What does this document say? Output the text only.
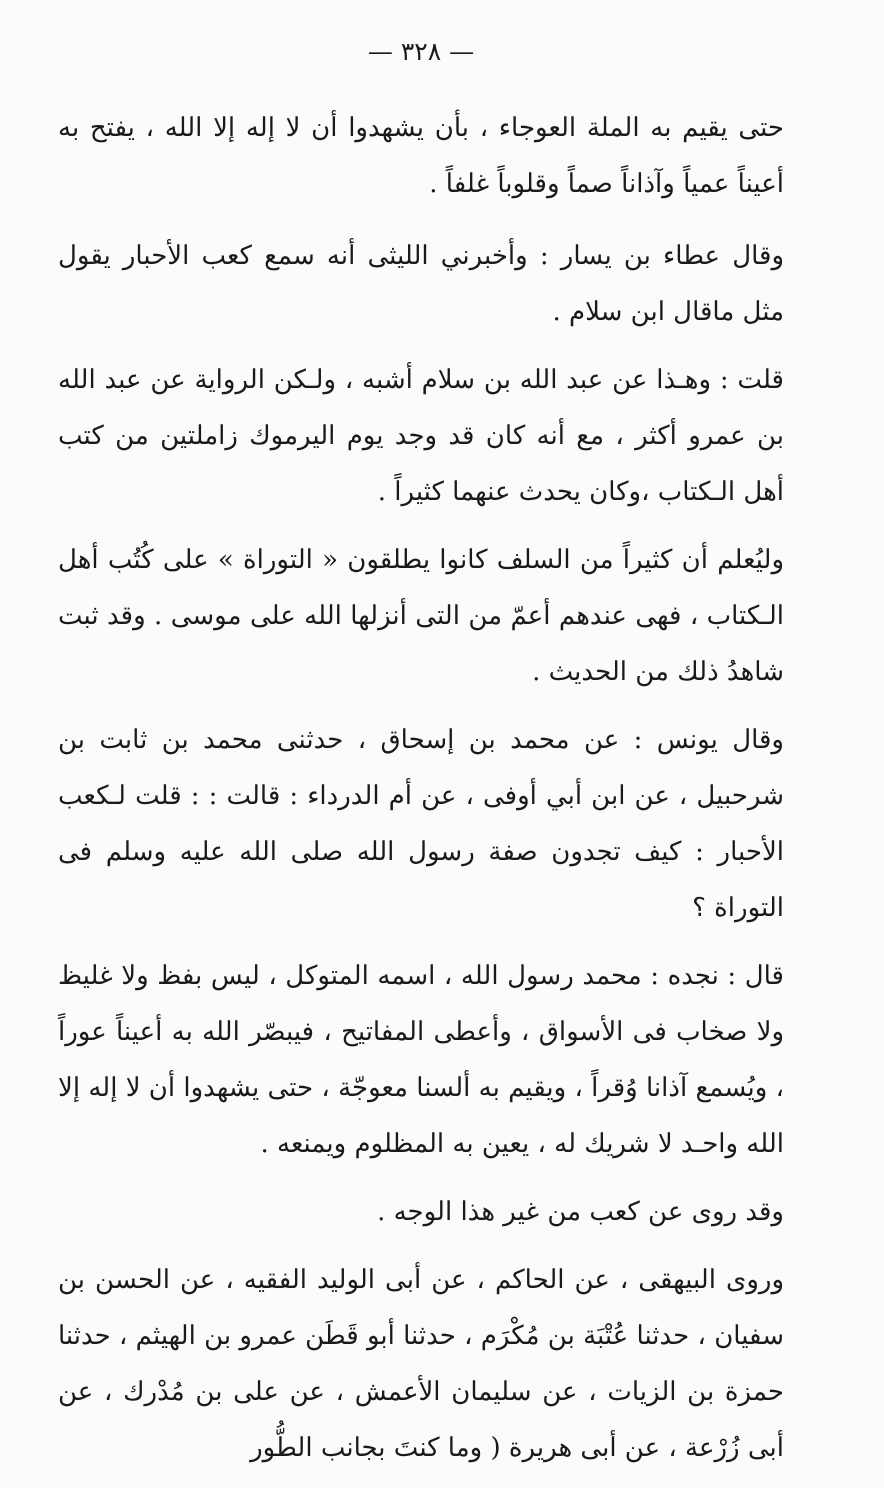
— ٣٢٨ —

حتى يقيم به الملة العوجاء ، بأن يشهدوا أن لا إله إلا الله ، يفتح به أعيناً عمياً وآذاناً صماً وقلوباً غلفاً .

وقال عطاء بن يسار : وأخبرني الليثى أنه سمع كعب الأحبار يقول مثل ماقال ابن سلام .

قلت : وهـذا عن عبد الله بن سلام أشبه ، ولـكن الرواية عن عبد الله بن عمرو أكثر ، مع أنه كان قد وجد يوم اليرموك زاملتين من كتب أهل الـكتاب ،وكان يحدث عنهما كثيراً .

وليُعلم أن كثيراً من السلف كانوا يطلقون « التوراة » على كُتُب أهل الـكتاب ، فهى عندهم أعمّ من التى أنزلها الله على موسى . وقد ثبت شاهدُ ذلك من الحديث .

وقال يونس : عن محمد بن إسحاق ، حدثنى محمد بن ثابت بن شرحبيل ، عن ابن أبي أوفى ، عن أم الدرداء : قالت : : قلت لـكعب الأحبار : كيف تجدون صفة رسول الله صلى الله عليه وسلم فى التوراة ؟

قال : نجده : محمد رسول الله ، اسمه المتوكل ، ليس بفظ ولا غليظ ولا صخاب فى الأسواق ، وأعطى المفاتيح ، فيبصّر الله به أعيناً عوراً ، ويُسمع آذانا وُقراً ، ويقيم به ألسنا معوجّة ، حتى يشهدوا أن لا إله إلا الله واحـد لا شريك له ، يعين به المظلوم ويمنعه .

وقد روى عن كعب من غير هذا الوجه .

وروى البيهقى ، عن الحاكم ، عن أبى الوليد الفقيه ، عن الحسن بن سفيان ، حدثنا عُتْبَة بن مُكْرَم ، حدثنا أبو قَطَن عمرو بن الهيثم ، حدثنا حمزة بن الزيات ، عن سليمان الأعمش ، عن على بن مُدْرك ، عن أبى زُرْعة ، عن أبى هريرة ( وما كنتَ بجانب الطُّور
